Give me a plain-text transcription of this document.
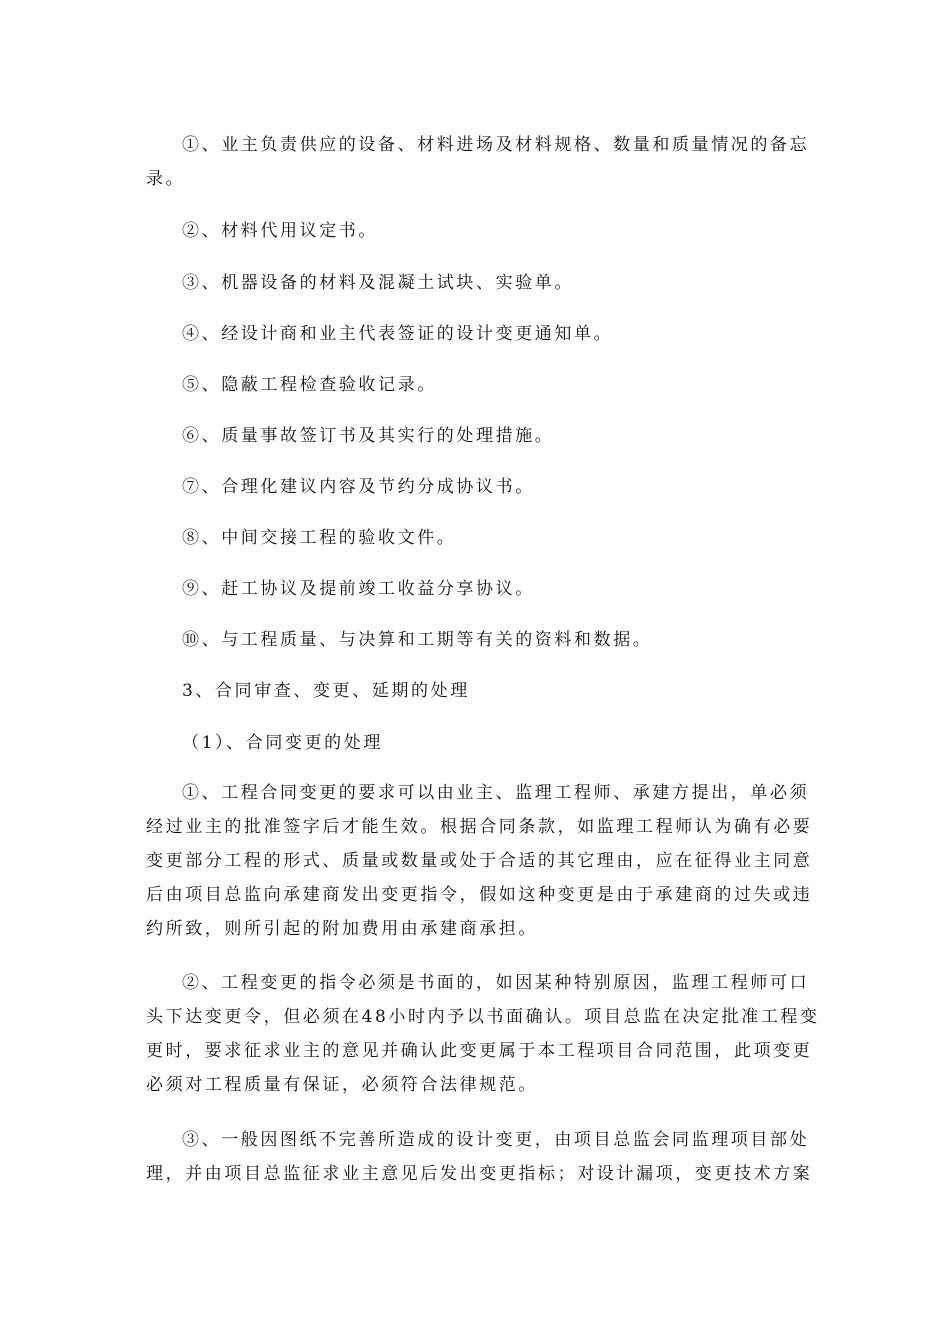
①、业主负责供应的设备、材料进场及材料规格、数量和质量情况的备忘
录。
②、材料代用议定书。
③、机器设备的材料及混凝土试块、实验单。
④、经设计商和业主代表签证的设计变更通知单。
⑤、隐蔽工程检查验收记录。
⑥、质量事故签订书及其实行的处理措施。
⑦、合理化建议内容及节约分成协议书。
⑧、中间交接工程的验收文件。
⑨、赶工协议及提前竣工收益分享协议。
⑩、与工程质量、与决算和工期等有关的资料和数据。
3、合同审查、变更、延期的处理
（1）、合同变更的处理
①、工程合同变更的要求可以由业主、监理工程师、承建方提出，单必须
经过业主的批准签字后才能生效。根据合同条款，如监理工程师认为确有必要
变更部分工程的形式、质量或数量或处于合适的其它理由，应在征得业主同意
后由项目总监向承建商发出变更指令，假如这种变更是由于承建商的过失或违
约所致，则所引起的附加费用由承建商承担。
②、工程变更的指令必须是书面的，如因某种特别原因，监理工程师可口
头下达变更令，但必须在48小时内予以书面确认。项目总监在决定批准工程变
更时，要求征求业主的意见并确认此变更属于本工程项目合同范围，此项变更
必须对工程质量有保证，必须符合法律规范。
③、一般因图纸不完善所造成的设计变更，由项目总监会同监理项目部处
理，并由项目总监征求业主意见后发出变更指标；对设计漏项，变更技术方案
